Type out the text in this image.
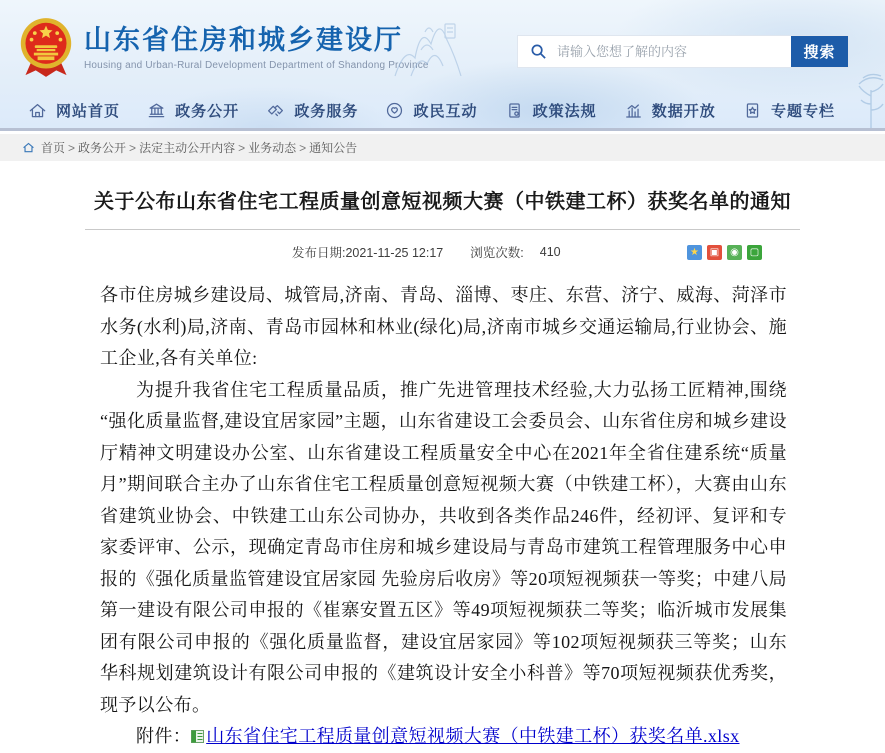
山东省住房和城乡建设厅
Housing and Urban-Rural Development Department of Shandong Province
请输入您想了解的内容
搜索
网站首页	政务公开	政务服务	政民互动	政策法规	数据开放	专题专栏
首页 > 政务公开 > 法定主动公开内容 > 业务动态 > 通知公告
关于公布山东省住宅工程质量创意短视频大赛（中铁建工杯）获奖名单的通知
发布日期:2021-11-25 12:17 浏览次数: 410	★	▣	◉	▢

各市住房城乡建设局、城管局,济南、青岛、淄博、枣庄、东营、济宁、威海、菏泽市水务(水利)局,济南、青岛市园林和林业(绿化)局,济南市城乡交通运输局,行业协会、施工企业,各有关单位:

为提升我省住宅工程质量品质，推广先进管理技术经验,大力弘扬工匠精神,围绕“强化质量监督,建设宜居家园”主题，山东省建设工会委员会、山东省住房和城乡建设厅精神文明建设办公室、山东省建设工程质量安全中心在2021年全省住建系统“质量月”期间联合主办了山东省住宅工程质量创意短视频大赛（中铁建工杯），大赛由山东省建筑业协会、中铁建工山东公司协办，共收到各类作品246件，经初评、复评和专家委评审、公示，现确定青岛市住房和城乡建设局与青岛市建筑工程管理服务中心申报的《强化质量监管建设宜居家园 先验房后收房》等20项短视频获一等奖；中建八局第一建设有限公司申报的《崔寨安置五区》等49项短视频获二等奖；临沂城市发展集团有限公司申报的《强化质量监督，建设宜居家园》等102项短视频获三等奖；山东华科规划建筑设计有限公司申报的《建筑设计安全小科普》等70项短视频获优秀奖，现予以公布。

附件： 山东省住宅工程质量创意短视频大赛（中铁建工杯）获奖名单.xlsx
